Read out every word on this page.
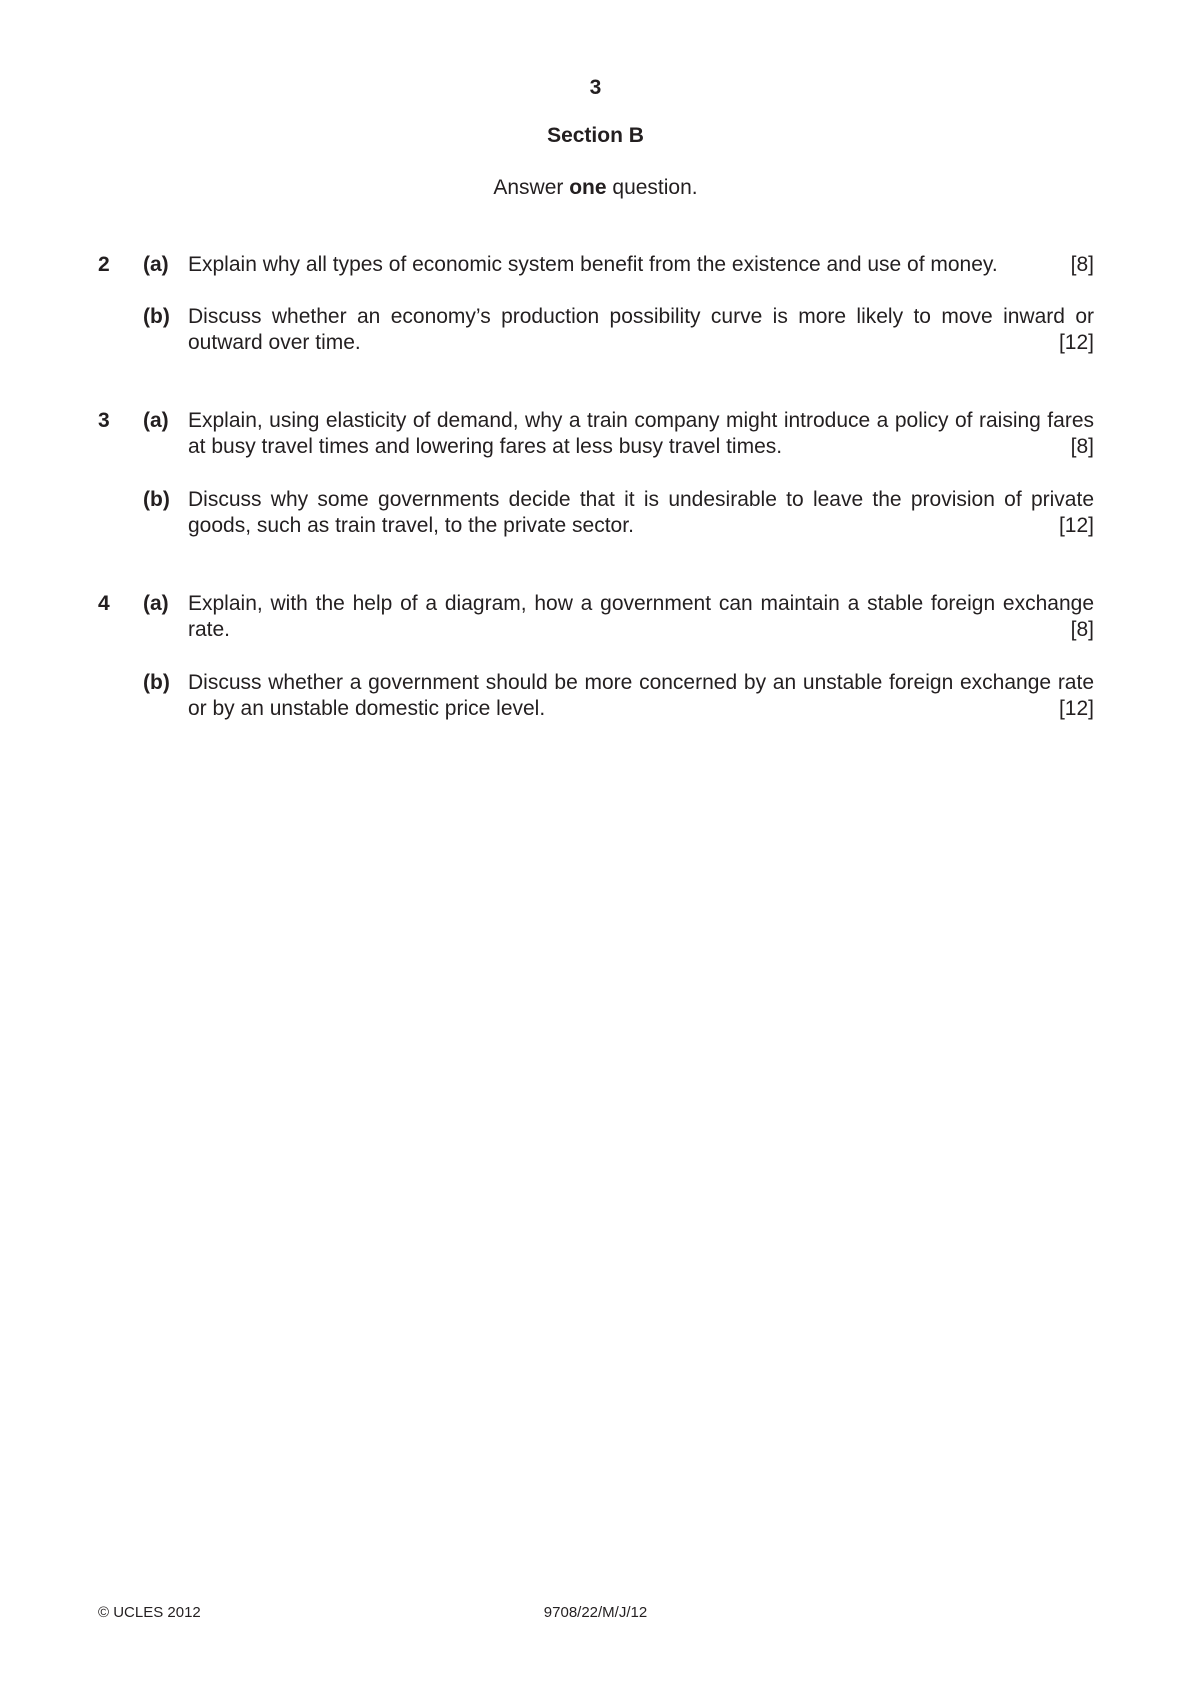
3
Section B
Answer one question.
2 (a)	[8]
Explain why all types of economic system benefit from the existence and use of money.
(b) Discuss whether an economy’s production possibility curve is more likely to move inward or outward over time.	[12]
3 (a) Explain, using elasticity of demand, why a train company might introduce a policy of raising fares at busy travel times and lowering fares at less busy travel times.	[8]
(b) Discuss why some governments decide that it is undesirable to leave the provision of private goods, such as train travel, to the private sector.	[12]
4 (a) Explain, with the help of a diagram, how a government can maintain a stable foreign exchange rate.	[8]
(b) Discuss whether a government should be more concerned by an unstable foreign exchange rate or by an unstable domestic price level.	[12]
© UCLES 2012	9708/22/M/J/12
